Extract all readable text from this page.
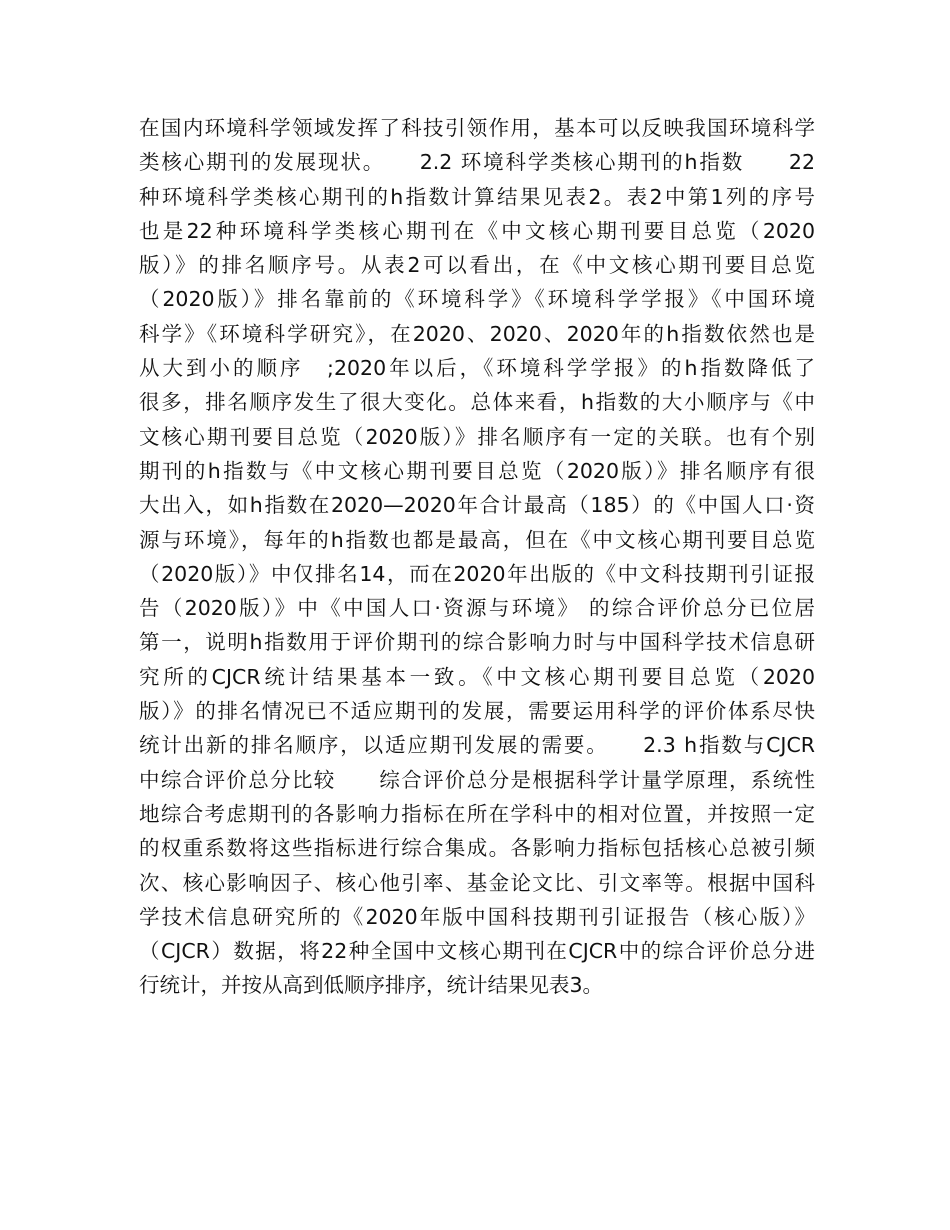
在国内环境科学领域发挥了科技引领作用，基本可以反映我国环境科学
类核心期刊的发展现状。　　2.2 环境科学类核心期刊的h指数　　22
种环境科学类核心期刊的h指数计算结果见表2。表2中第1列的序号
也是22种环境科学类核心期刊在《中文核心期刊要目总览（2020
版）》的排名顺序号。从表2可以看出，在《中文核心期刊要目总览
（2020版）》排名靠前的《环境科学》《环境科学学报》《中国环境
科学》《环境科学研究》，在2020、2020、2020年的h指数依然也是
从大到小的顺序　;2020年以后，《环境科学学报》的h指数降低了
很多，排名顺序发生了很大变化。总体来看，h指数的大小顺序与《中
文核心期刊要目总览（2020版）》排名顺序有一定的关联。也有个别
期刊的h指数与《中文核心期刊要目总览（2020版）》排名顺序有很
大出入，如h指数在2020—2020年合计最高（185）的《中国人口·资
源与环境》，每年的h指数也都是最高，但在《中文核心期刊要目总览
（2020版）》中仅排名14，而在2020年出版的《中文科技期刊引证报
告（2020版）》中《中国人口·资源与环境》 的综合评价总分已位居
第一，说明h指数用于评价期刊的综合影响力时与中国科学技术信息研
究所的CJCR统计结果基本一致。《中文核心期刊要目总览（2020
版）》的排名情况已不适应期刊的发展，需要运用科学的评价体系尽快
统计出新的排名顺序，以适应期刊发展的需要。　　2.3 h指数与CJCR
中综合评价总分比较　　综合评价总分是根据科学计量学原理，系统性
地综合考虑期刊的各影响力指标在所在学科中的相对位置，并按照一定
的权重系数将这些指标进行综合集成。各影响力指标包括核心总被引频
次、核心影响因子、核心他引率、基金论文比、引文率等。根据中国科
学技术信息研究所的《2020年版中国科技期刊引证报告（核心版）》
（CJCR）数据，将22种全国中文核心期刊在CJCR中的综合评价总分进
行统计，并按从高到低顺序排序，统计结果见表3。
